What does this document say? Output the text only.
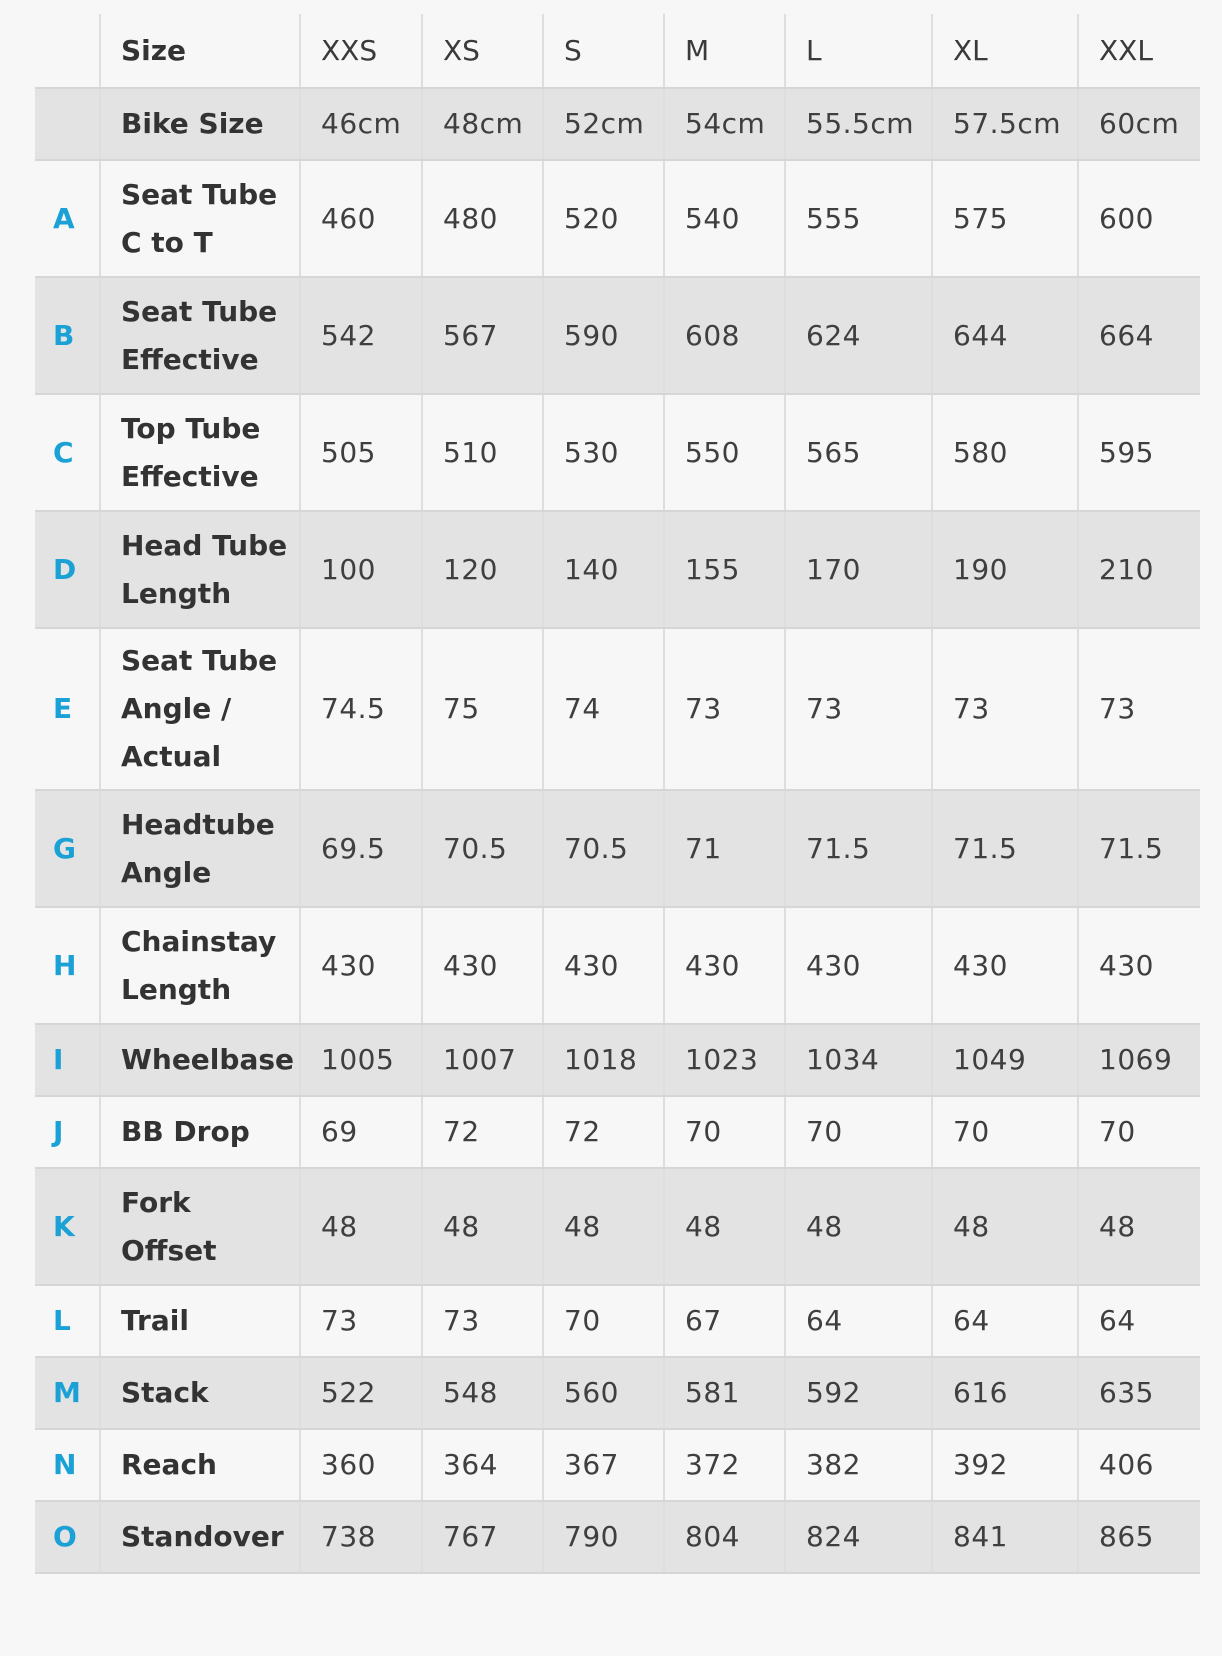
	Size	XXS	XS	S	M	L	XL	XXL
	Bike Size	46cm	48cm	52cm	54cm	55.5cm	57.5cm	60cm
A	Seat Tube C to T	460	480	520	540	555	575	600
B	Seat Tube Effective	542	567	590	608	624	644	664
C	Top Tube Effective	505	510	530	550	565	580	595
D	Head Tube Length	100	120	140	155	170	190	210
E	Seat Tube Angle / Actual	74.5	75	74	73	73	73	73
G	Headtube Angle	69.5	70.5	70.5	71	71.5	71.5	71.5
H	Chainstay Length	430	430	430	430	430	430	430
I	Wheelbase	1005	1007	1018	1023	1034	1049	1069
J	BB Drop	69	72	72	70	70	70	70
K	Fork Offset	48	48	48	48	48	48	48
L	Trail	73	73	70	67	64	64	64
M	Stack	522	548	560	581	592	616	635
N	Reach	360	364	367	372	382	392	406
O	Standover	738	767	790	804	824	841	865
